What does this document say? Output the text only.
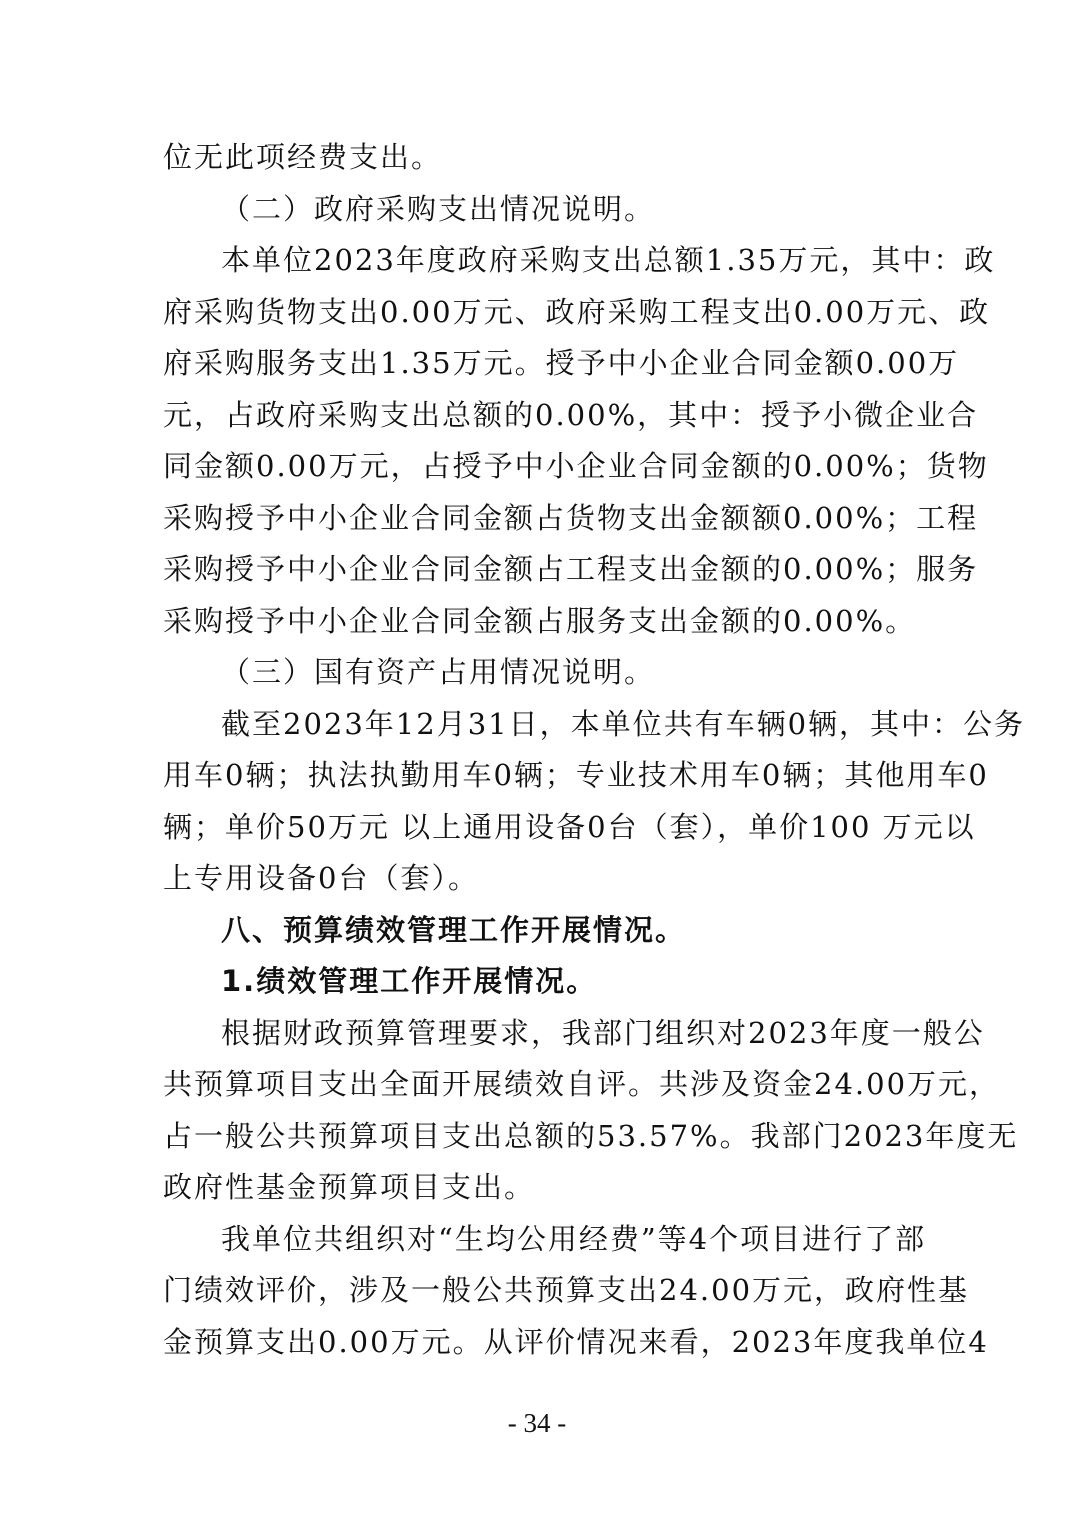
位无此项经费支出。
（二）政府采购支出情况说明。
本单位2023年度政府采购支出总额1.35万元，其中：政
府采购货物支出0.00万元、政府采购工程支出0.00万元、政
府采购服务支出1.35万元。授予中小企业合同金额0.00万
元，占政府采购支出总额的0.00%，其中：授予小微企业合
同金额0.00万元，占授予中小企业合同金额的0.00%；货物
采购授予中小企业合同金额占货物支出金额额0.00%；工程
采购授予中小企业合同金额占工程支出金额的0.00%；服务
采购授予中小企业合同金额占服务支出金额的0.00%。
（三）国有资产占用情况说明。
截至2023年12月31日，本单位共有车辆0辆，其中：公务
用车0辆；执法执勤用车0辆；专业技术用车0辆；其他用车0
辆；单价50万元 以上通用设备0台（套），单价100 万元以
上专用设备0台（套）。
八、预算绩效管理工作开展情况。
1.绩效管理工作开展情况。
根据财政预算管理要求，我部门组织对2023年度一般公
共预算项目支出全面开展绩效自评。共涉及资金24.00万元，
占一般公共预算项目支出总额的53.57%。我部门2023年度无
政府性基金预算项目支出。
我单位共组织对“生均公用经费”等4个项目进行了部
门绩效评价，涉及一般公共预算支出24.00万元，政府性基
金预算支出0.00万元。从评价情况来看，2023年度我单位4
- 34 -
